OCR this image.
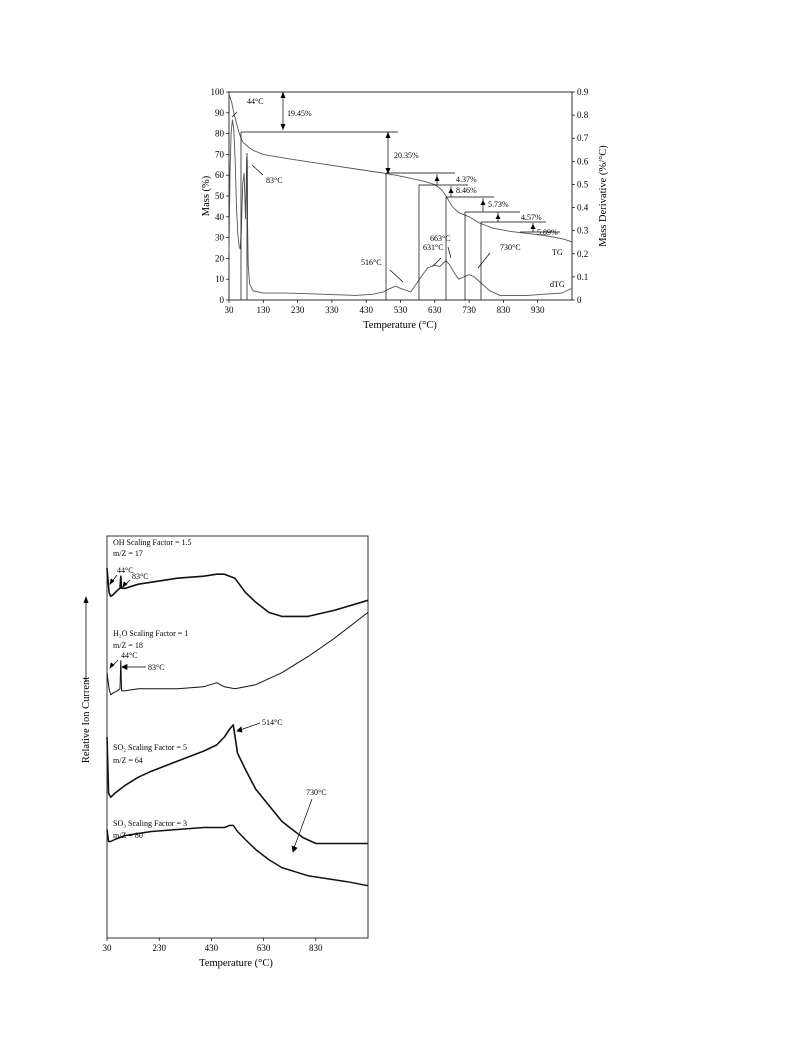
30	130 230 330 430 530 630 730 830 930
0
10
20
30
40
50
60
70
80
90
100
0
0.1
0.2
0.3
0.4
0.5
0.6
0.7
0.8
0.9
Temperature (°C)
Mass (%)	Mass Derivative (%/°C)
44°C
83°C
516°C
631°C
663°C
730°C
19.45%
20.35%
4.37%
8.46%
5.73%
4.57%
5.89%
TG
dTG
30	230	430	630	830
Temperature (°C)
Relative Ion Current
OH Scaling Factor = 1.5
m/Z = 17
H₂O Scaling Factor = 1
m/Z = 18
SO₂ Scaling Factor = 5
m/Z = 64
SO₃ Scaling Factor = 3
m/Z = 80
44°C
83°C
44°C
83°C
514°C
730°C
